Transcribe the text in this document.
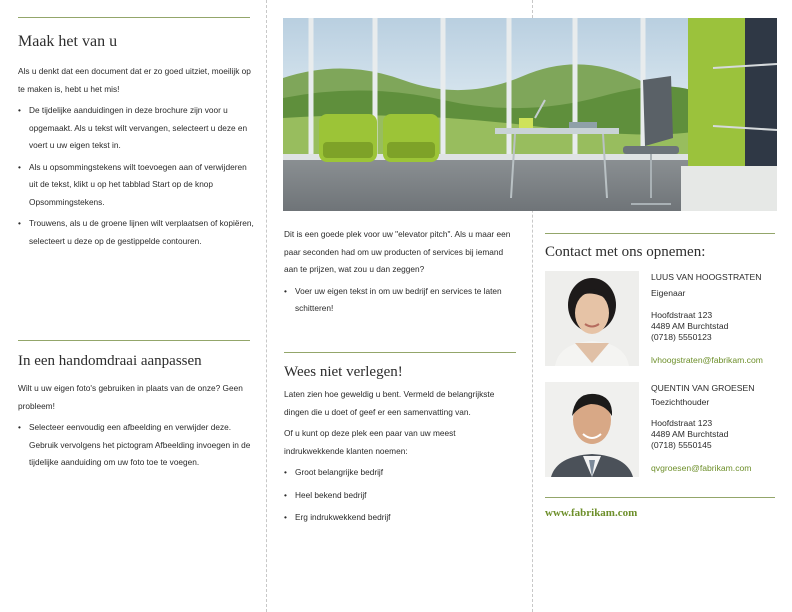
Maak het van u

Als u denkt dat een document dat er zo goed uitziet, moeilijk op te maken is, hebt u het mis!

• De tijdelijke aanduidingen in deze brochure zijn voor u opgemaakt. Als u tekst wilt vervangen, selecteert u deze en voert u uw eigen tekst in.
• Als u opsommingstekens wilt toevoegen aan of verwijderen uit de tekst, klikt u op het tabblad Start op de knop Opsommingstekens.
• Trouwens, als u de groene lijnen wilt verplaatsen of kopiëren, selecteert u deze op de gestippelde contouren.
In een handomdraai aanpassen

Wilt u uw eigen foto's gebruiken in plaats van de onze? Geen probleem!

• Selecteer eenvoudig een afbeelding en verwijder deze. Gebruik vervolgens het pictogram Afbeelding invoegen in de tijdelijke aanduiding om uw foto toe te voegen.

Dit is een goede plek voor uw "elevator pitch". Als u maar een paar seconden had om uw producten of services bij iemand aan te prijzen, wat zou u dan zeggen?

• Voer uw eigen tekst in om uw bedrijf en services te laten schitteren!
Wees niet verlegen!

Laten zien hoe geweldig u bent. Vermeld de belangrijkste dingen die u doet of geef er een samenvatting van.

Of u kunt op deze plek een paar van uw meest indrukwekkende klanten noemen:

• Groot belangrijke bedrijf
• Heel bekend bedrijf
• Erg indrukwekkend bedrijf
Contact met ons opnemen:
LUUS VAN HOOGSTRATEN
Eigenaar
Hoofdstraat 123
4489 AM Burchtstad
(0718) 5550123
lvhoogstraten@fabrikam.com
QUENTIN VAN GROESEN
Toezichthouder
Hoofdstraat 123
4489 AM Burchtstad
(0718) 5550145
qvgroesen@fabrikam.com
www.fabrikam.com
